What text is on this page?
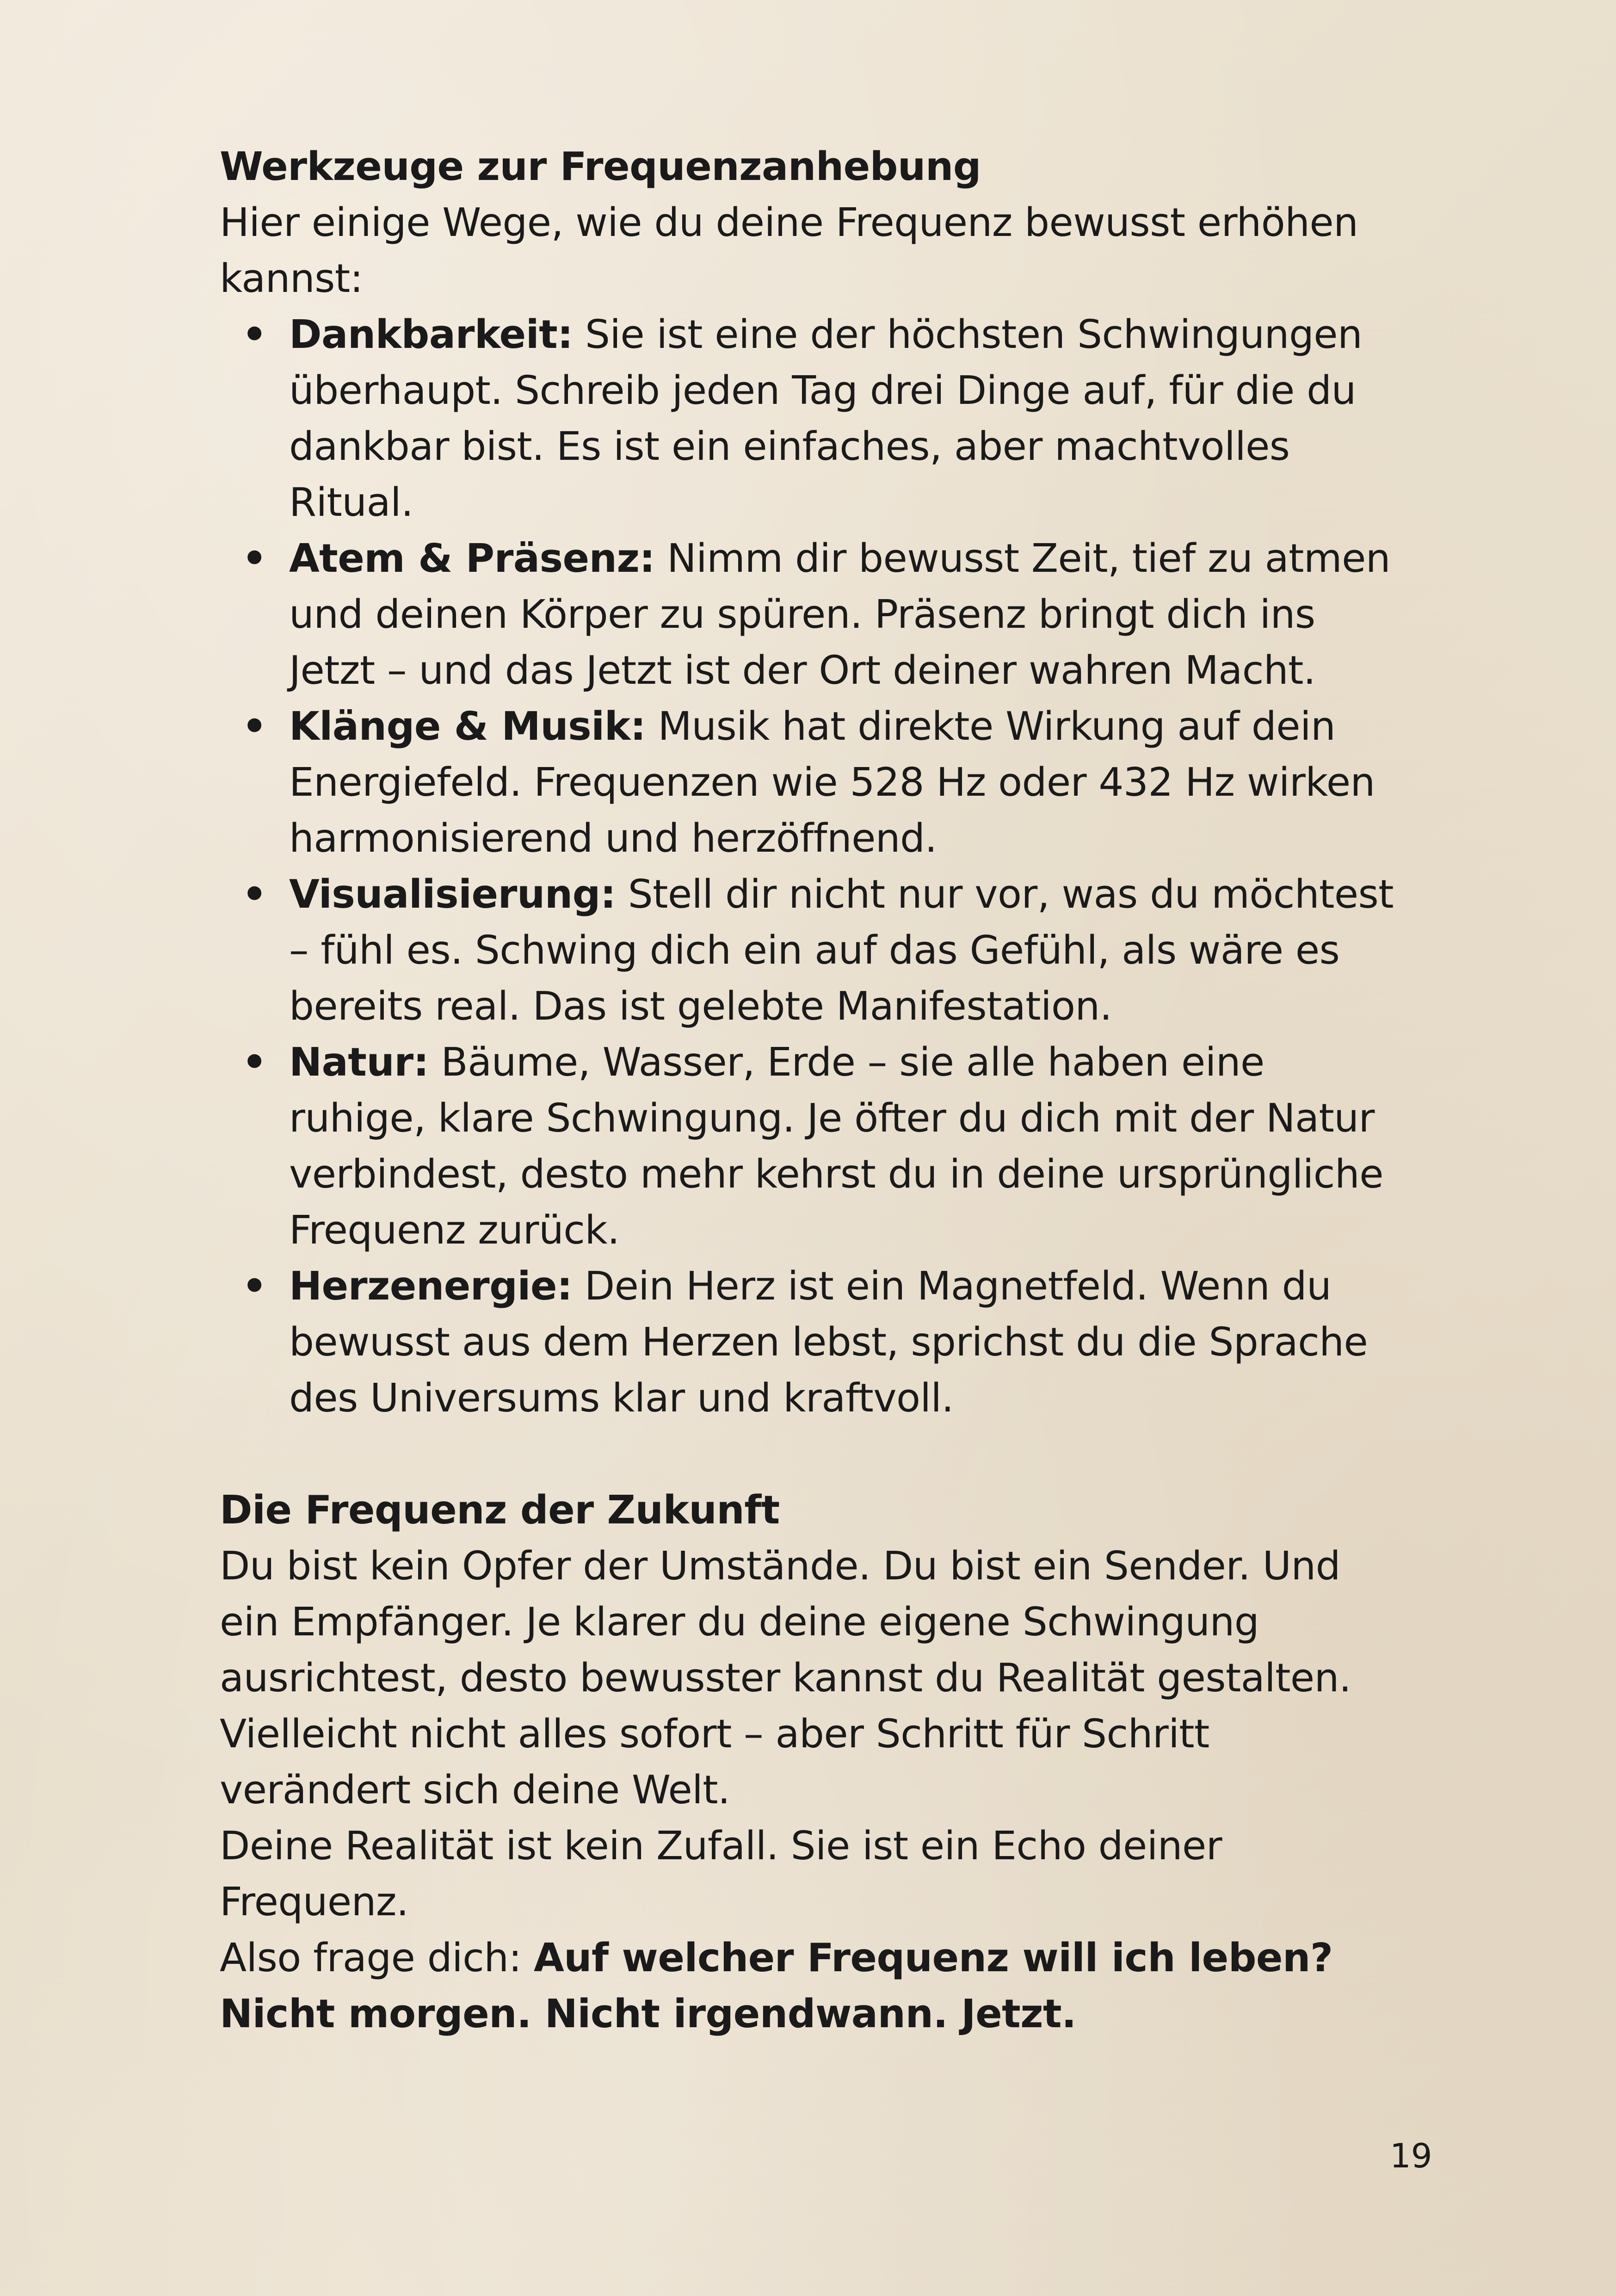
Werkzeuge zur Frequenzanhebung

Hier einige Wege, wie du deine Frequenz bewusst erhöhen kannst:

• Dankbarkeit: Sie ist eine der höchsten Schwingungen überhaupt. Schreib jeden Tag drei Dinge auf, für die du dankbar bist. Es ist ein einfaches, aber machtvolles Ritual.
• Atem & Präsenz: Nimm dir bewusst Zeit, tief zu atmen und deinen Körper zu spüren. Präsenz bringt dich ins Jetzt – und das Jetzt ist der Ort deiner wahren Macht.
• Klänge & Musik: Musik hat direkte Wirkung auf dein Energiefeld. Frequenzen wie 528 Hz oder 432 Hz wirken harmonisierend und herzöffnend.
• Visualisierung: Stell dir nicht nur vor, was du möchtest – fühl es. Schwing dich ein auf das Gefühl, als wäre es bereits real. Das ist gelebte Manifestation.
• Natur: Bäume, Wasser, Erde – sie alle haben eine ruhige, klare Schwingung. Je öfter du dich mit der Natur verbindest, desto mehr kehrst du in deine ursprüngliche Frequenz zurück.
• Herzenergie: Dein Herz ist ein Magnetfeld. Wenn du bewusst aus dem Herzen lebst, sprichst du die Sprache des Universums klar und kraftvoll.

Die Frequenz der Zukunft

Du bist kein Opfer der Umstände. Du bist ein Sender. Und ein Empfänger. Je klarer du deine eigene Schwingung ausrichtest, desto bewusster kannst du Realität gestalten. Vielleicht nicht alles sofort – aber Schritt für Schritt verändert sich deine Welt.

Deine Realität ist kein Zufall. Sie ist ein Echo deiner Frequenz.

Also frage dich: Auf welcher Frequenz will ich leben?

Nicht morgen. Nicht irgendwann. Jetzt.

19
